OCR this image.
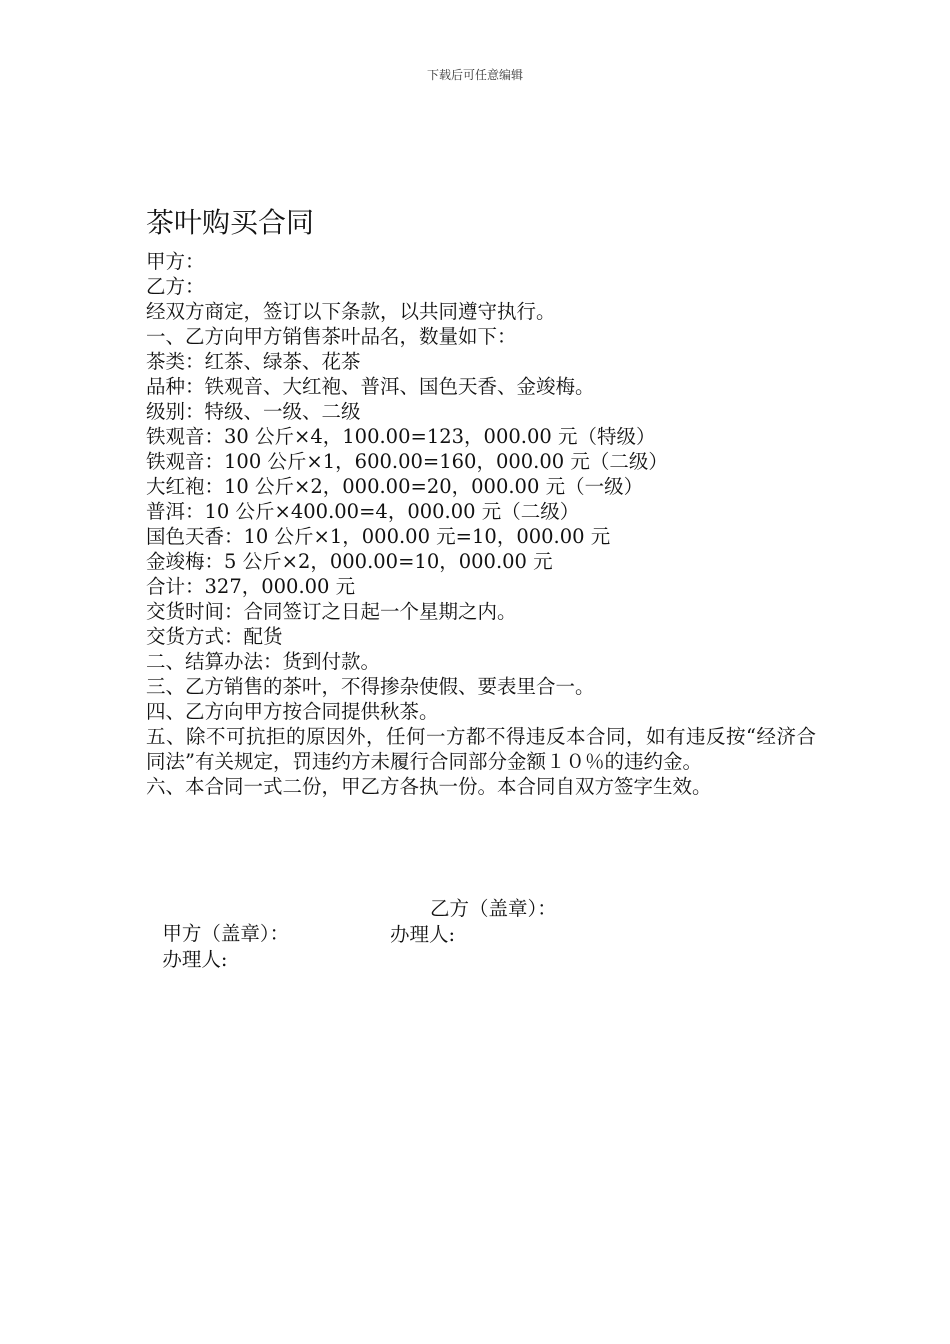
下载后可任意编辑
茶叶购买合同
甲方：
乙方：
经双方商定，签订以下条款，以共同遵守执行。
一、乙方向甲方销售茶叶品名，数量如下：
茶类：红茶、绿茶、花茶
品种：铁观音、大红袍、普洱、国色天香、金竣梅。
级别：特级、一级、二级
铁观音：30 公斤×4，100.00=123，000.00 元（特级）
铁观音：100 公斤×1，600.00=160，000.00 元（二级）
大红袍：10 公斤×2，000.00=20，000.00 元（一级）
普洱：10 公斤×400.00=4，000.00 元（二级）
国色天香：10 公斤×1，000.00 元=10，000.00 元
金竣梅：5 公斤×2，000.00=10，000.00 元
合计：327，000.00 元
交货时间：合同签订之日起一个星期之内。
交货方式：配货
二、结算办法：货到付款。
三、乙方销售的茶叶，不得掺杂使假、要表里合一。
四、乙方向甲方按合同提供秋茶。
五、除不可抗拒的原因外，任何一方都不得违反本合同，如有违反按“经济合同法”有关规定，罚违约方未履行合同部分金额１０％的违约金。
六、本合同一式二份，甲乙方各执一份。本合同自双方签字生效。

甲方（盖章）：

乙方（盖章）：

办理人:

办理人:
